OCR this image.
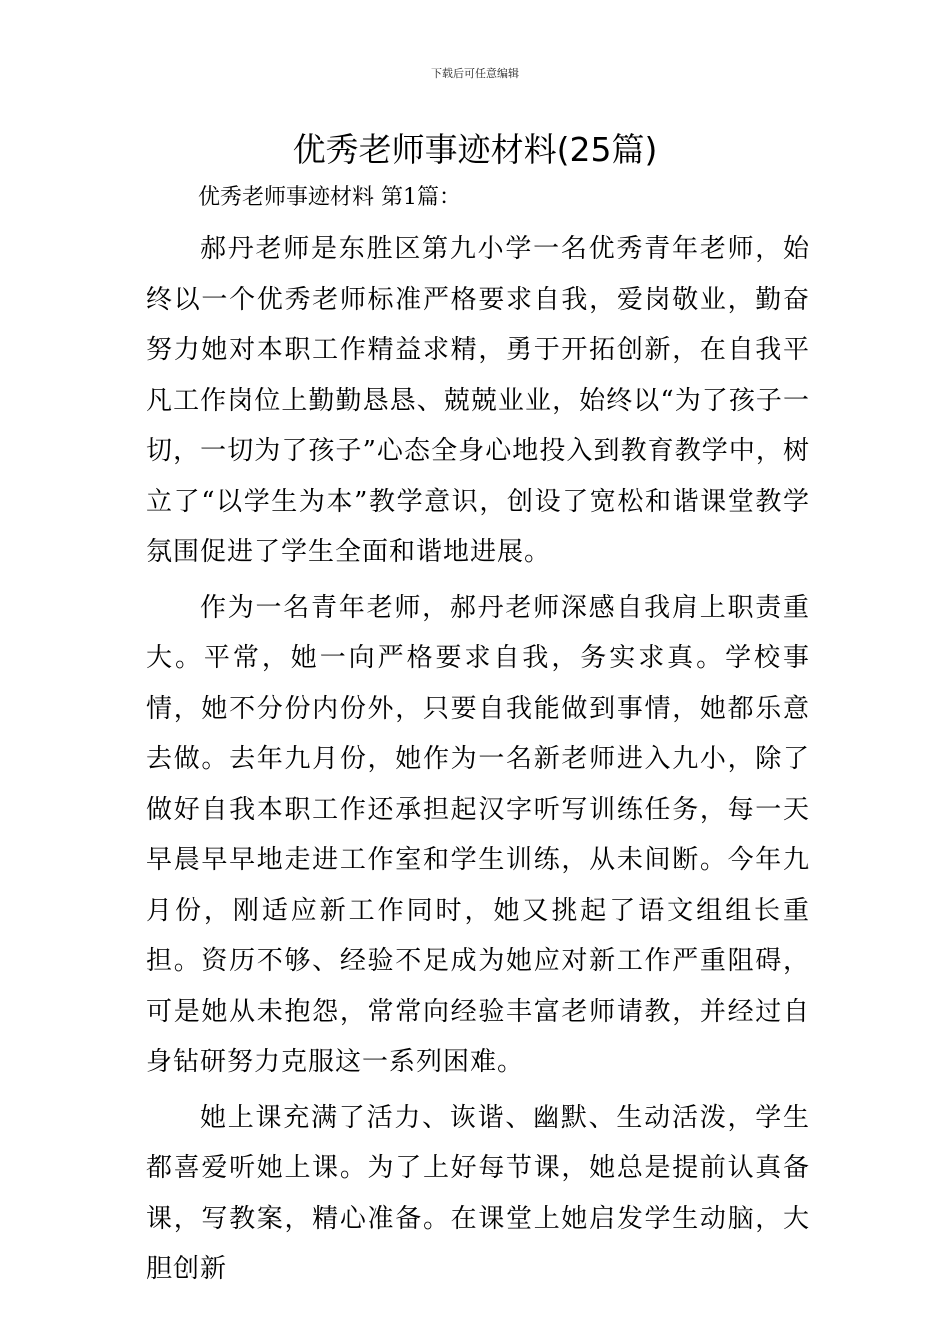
下载后可任意编辑
优秀老师事迹材料(25篇)
优秀老师事迹材料 第1篇：

郝丹老师是东胜区第九小学一名优秀青年老师，始终以一个优秀老师标准严格要求自我，爱岗敬业，勤奋努力她对本职工作精益求精，勇于开拓创新，在自我平凡工作岗位上勤勤恳恳、兢兢业业，始终以“为了孩子一切，一切为了孩子”心态全身心地投入到教育教学中，树立了“以学生为本”教学意识，创设了宽松和谐课堂教学氛围促进了学生全面和谐地进展。

作为一名青年老师，郝丹老师深感自我肩上职责重大。平常，她一向严格要求自我，务实求真。学校事情，她不分份内份外，只要自我能做到事情，她都乐意去做。去年九月份，她作为一名新老师进入九小，除了做好自我本职工作还承担起汉字听写训练任务，每一天早晨早早地走进工作室和学生训练，从未间断。今年九月份，刚适应新工作同时，她又挑起了语文组组长重担。资历不够、经验不足成为她应对新工作严重阻碍，可是她从未抱怨，常常向经验丰富老师请教，并经过自身钻研努力克服这一系列困难。

她上课充满了活力、诙谐、幽默、生动活泼，学生都喜爱听她上课。为了上好每节课，她总是提前认真备课，写教案，精心准备。在课堂上她启发学生动脑，大胆创新
